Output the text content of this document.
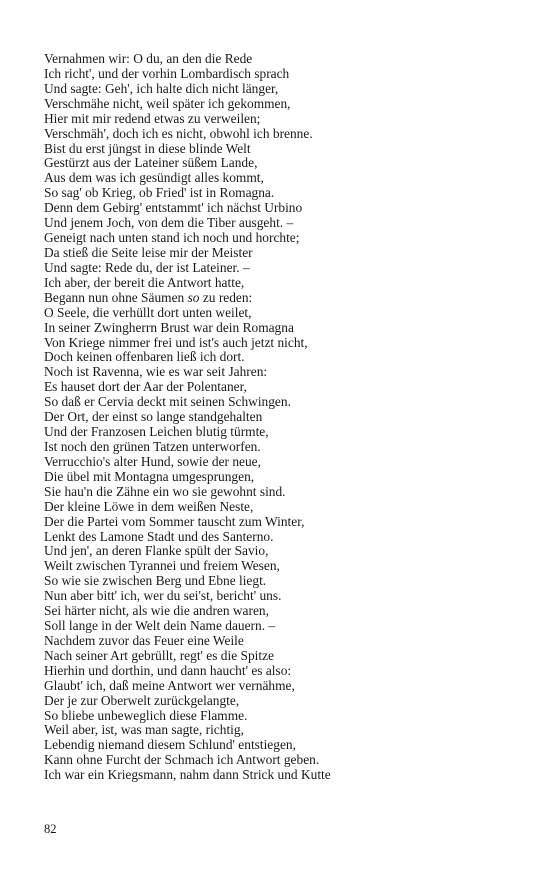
Vernahmen wir: O du, an den die Rede
Ich richt', und der vorhin Lombardisch sprach
Und sagte: Geh', ich halte dich nicht länger,
Verschmähe nicht, weil später ich gekommen,
Hier mit mir redend etwas zu verweilen;
Verschmäh', doch ich es nicht, obwohl ich brenne.
Bist du erst jüngst in diese blinde Welt
Gestürzt aus der Lateiner süßem Lande,
Aus dem was ich gesündigt alles kommt,
So sag' ob Krieg, ob Fried' ist in Romagna.
Denn dem Gebirg' entstammt' ich nächst Urbino
Und jenem Joch, von dem die Tiber ausgeht. –
Geneigt nach unten stand ich noch und horchte;
Da stieß die Seite leise mir der Meister
Und sagte: Rede du, der ist Lateiner. –
Ich aber, der bereit die Antwort hatte,
Begann nun ohne Säumen so zu reden:
O Seele, die verhüllt dort unten weilet,
In seiner Zwingherrn Brust war dein Romagna
Von Kriege nimmer frei und ist's auch jetzt nicht,
Doch keinen offenbaren ließ ich dort.
Noch ist Ravenna, wie es war seit Jahren:
Es hauset dort der Aar der Polentaner,
So daß er Cervia deckt mit seinen Schwingen.
Der Ort, der einst so lange standgehalten
Und der Franzosen Leichen blutig türmte,
Ist noch den grünen Tatzen unterworfen.
Verrucchio's alter Hund, sowie der neue,
Die übel mit Montagna umgesprungen,
Sie hau'n die Zähne ein wo sie gewohnt sind.
Der kleine Löwe in dem weißen Neste,
Der die Partei vom Sommer tauscht zum Winter,
Lenkt des Lamone Stadt und des Santerno.
Und jen', an deren Flanke spült der Savio,
Weilt zwischen Tyrannei und freiem Wesen,
So wie sie zwischen Berg und Ebne liegt.
Nun aber bitt' ich, wer du sei'st, bericht' uns.
Sei härter nicht, als wie die andren waren,
Soll lange in der Welt dein Name dauern. –
Nachdem zuvor das Feuer eine Weile
Nach seiner Art gebrüllt, regt' es die Spitze
Hierhin und dorthin, und dann haucht' es also:
Glaubt' ich, daß meine Antwort wer vernähme,
Der je zur Oberwelt zurückgelangte,
So bliebe unbeweglich diese Flamme.
Weil aber, ist, was man sagte, richtig,
Lebendig niemand diesem Schlund' entstiegen,
Kann ohne Furcht der Schmach ich Antwort geben.
Ich war ein Kriegsmann, nahm dann Strick und Kutte
82
